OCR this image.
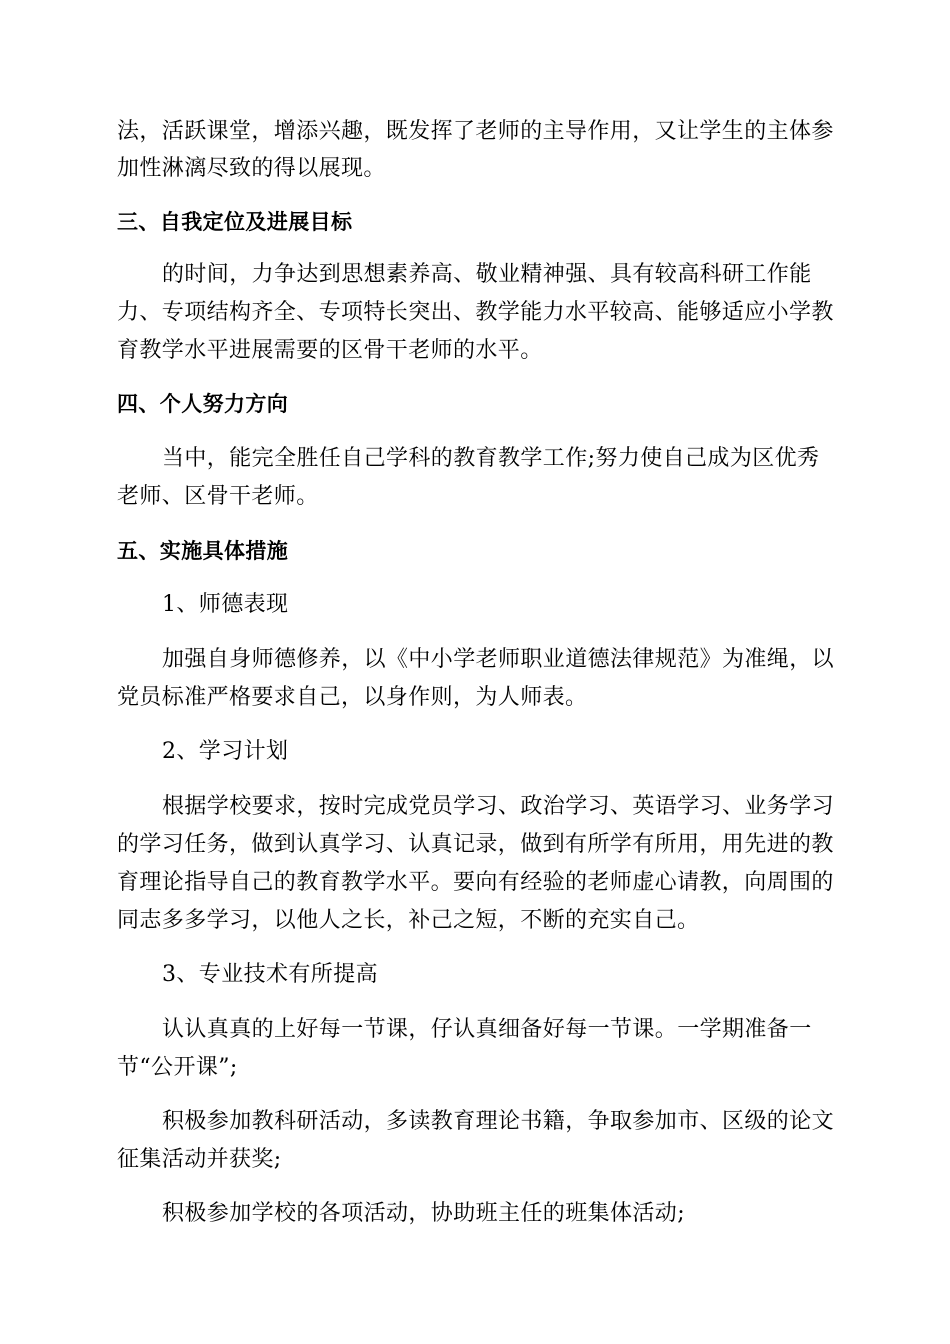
法，活跃课堂，增添兴趣，既发挥了老师的主导作用，又让学生的主体参

加性淋漓尽致的得以展现。

三、自我定位及进展目标

的时间，力争达到思想素养高、敬业精神强、具有较高科研工作能

力、专项结构齐全、专项特长突出、教学能力水平较高、能够适应小学教

育教学水平进展需要的区骨干老师的水平。

四、个人努力方向

当中，能完全胜任自己学科的教育教学工作;努力使自己成为区优秀

老师、区骨干老师。

五、实施具体措施

1、师德表现

加强自身师德修养，以《中小学老师职业道德法律规范》为准绳，以

党员标准严格要求自己，以身作则，为人师表。

2、学习计划

根据学校要求，按时完成党员学习、政治学习、英语学习、业务学习

的学习任务，做到认真学习、认真记录，做到有所学有所用，用先进的教

育理论指导自己的教育教学水平。要向有经验的老师虚心请教，向周围的

同志多多学习，以他人之长，补己之短，不断的充实自己。

3、专业技术有所提高

认认真真的上好每一节课，仔认真细备好每一节课。一学期准备一

节“公开课”;

积极参加教科研活动，多读教育理论书籍，争取参加市、区级的论文

征集活动并获奖;

积极参加学校的各项活动，协助班主任的班集体活动;
